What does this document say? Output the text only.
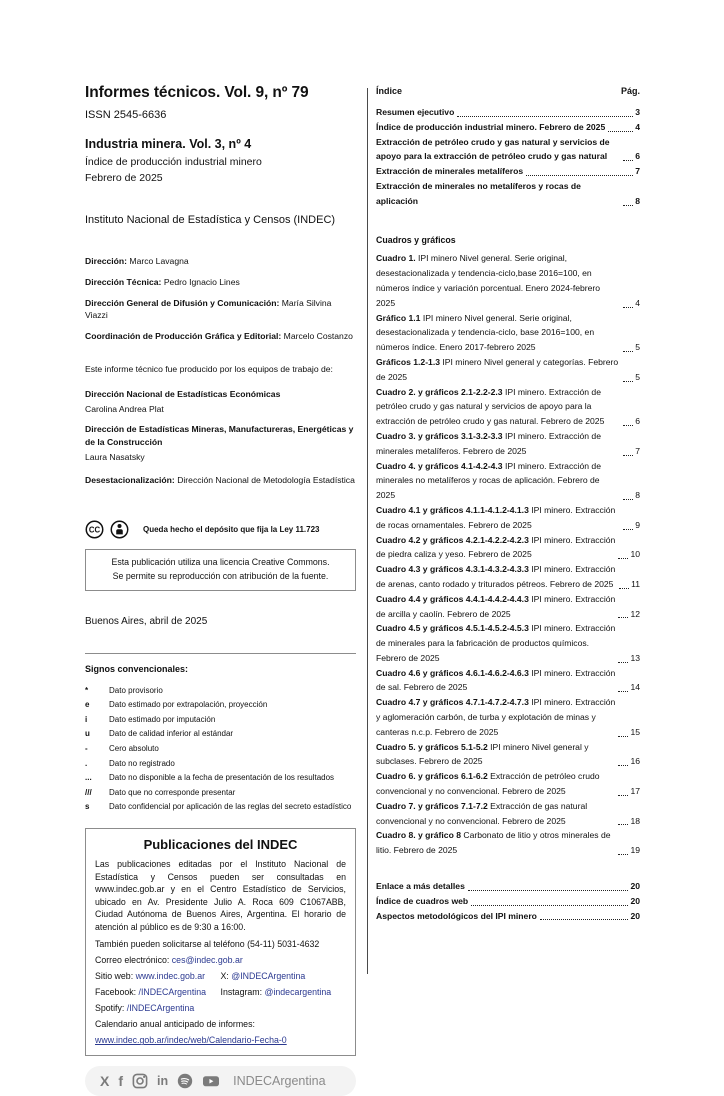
Informes técnicos. Vol. 9, nº 79
ISSN 2545-6636
Industria minera. Vol. 3, nº 4
Índice de producción industrial minero
Febrero de 2025
Instituto Nacional de Estadística y Censos (INDEC)
Dirección: Marco Lavagna
Dirección Técnica: Pedro Ignacio Lines
Dirección General de Difusión y Comunicación: María Silvina Viazzi
Coordinación de Producción Gráfica y Editorial: Marcelo Costanzo
Este informe técnico fue producido por los equipos de trabajo de:
Dirección Nacional de Estadísticas Económicas
Carolina Andrea Plat
Dirección de Estadísticas Mineras, Manufactureras, Energéticas y de la Construcción
Laura Nasatsky
Desestacionalización: Dirección Nacional de Metodología Estadística
CC	Queda hecho el depósito que fija la Ley 11.723
Esta publicación utiliza una licencia Creative Commons.
Se permite su reproducción con atribución de la fuente.
Buenos Aires, abril de 2025
Signos convencionales:
*	Dato provisorio
e	Dato estimado por extrapolación, proyección
i	Dato estimado por imputación
u	Dato de calidad inferior al estándar
-	Cero absoluto
.	Dato no registrado
...	Dato no disponible a la fecha de presentación de los resultados
///	Dato que no corresponde presentar
s	Dato confidencial por aplicación de las reglas del secreto estadístico
Publicaciones del INDEC
Las publicaciones editadas por el Instituto Nacional de Estadística y Censos pueden ser consultadas en www.indec.gob.ar y en el Centro Estadístico de Servicios, ubicado en Av. Presidente Julio A. Roca 609 C1067ABB, Ciudad Autónoma de Buenos Aires, Argentina. El horario de atención al público es de 9:30 a 16:00.
También pueden solicitarse al teléfono (54-11) 5031-4632
Correo electrónico: ces@indec.gob.ar
Sitio web: www.indec.gob.ar	X: @INDECArgentina
Facebook: /INDECArgentina	Instagram: @indecargentina
Spotify: /INDECArgentina
Calendario anual anticipado de informes:
www.indec.gob.ar/indec/web/Calendario-Fecha-0
X f	in	INDECArgentina
Índice	Pág.
Resumen ejecutivo	3
Índice de producción industrial minero. Febrero de 2025	4
Extracción de petróleo crudo y gas natural y servicios de apoyo para la extracción de petróleo crudo y gas natural	6
Extracción de minerales metalíferos	7
Extracción de minerales no metalíferos y rocas de aplicación	8
Cuadros y gráficos
Cuadro 1. IPI minero Nivel general. Serie original, desestacionalizada y tendencia-ciclo,base 2016=100, en números índice y variación porcentual. Enero 2024-febrero 2025	4
Gráfico 1.1 IPI minero Nivel general. Serie original, desestacionalizada y tendencia-ciclo, base 2016=100, en números índice. Enero 2017-febrero 2025	5
Gráficos 1.2-1.3 IPI minero Nivel general y categorías. Febrero de 2025	5
Cuadro 2. y gráficos 2.1-2.2-2.3 IPI minero. Extracción de petróleo crudo y gas natural y servicios de apoyo para la extracción de petróleo crudo y gas natural. Febrero de 2025	6
Cuadro 3. y gráficos 3.1-3.2-3.3 IPI minero. Extracción de minerales metalíferos. Febrero de 2025	7
Cuadro 4. y gráficos 4.1-4.2-4.3 IPI minero. Extracción de minerales no metalíferos y rocas de aplicación. Febrero de 2025	8
Cuadro 4.1 y gráficos 4.1.1-4.1.2-4.1.3 IPI minero. Extracción de rocas ornamentales. Febrero de 2025	9
Cuadro 4.2 y gráficos 4.2.1-4.2.2-4.2.3 IPI minero. Extracción de piedra caliza y yeso. Febrero de 2025	10
Cuadro 4.3 y gráficos 4.3.1-4.3.2-4.3.3 IPI minero. Extracción de arenas, canto rodado y triturados pétreos. Febrero de 2025	11
Cuadro 4.4 y gráficos 4.4.1-4.4.2-4.4.3 IPI minero. Extracción de arcilla y caolín. Febrero de 2025	12
Cuadro 4.5 y gráficos 4.5.1-4.5.2-4.5.3 IPI minero. Extracción de minerales para la fabricación de productos químicos. Febrero de 2025	13
Cuadro 4.6 y gráficos 4.6.1-4.6.2-4.6.3 IPI minero. Extracción de sal. Febrero de 2025	14
Cuadro 4.7 y gráficos 4.7.1-4.7.2-4.7.3 IPI minero. Extracción y aglomeración carbón, de turba y explotación de minas y canteras n.c.p. Febrero de 2025	15
Cuadro 5. y gráficos 5.1-5.2 IPI minero Nivel general y subclases. Febrero de 2025	16
Cuadro 6. y gráficos 6.1-6.2 Extracción de petróleo crudo convencional y no convencional. Febrero de 2025	17
Cuadro 7. y gráficos 7.1-7.2 Extracción de gas natural convencional y no convencional. Febrero de 2025	18
Cuadro 8. y gráfico 8 Carbonato de litio y otros minerales de litio. Febrero de 2025	19
Enlace a más detalles	20
Índice de cuadros web	20
Aspectos metodológicos del IPI minero	20
